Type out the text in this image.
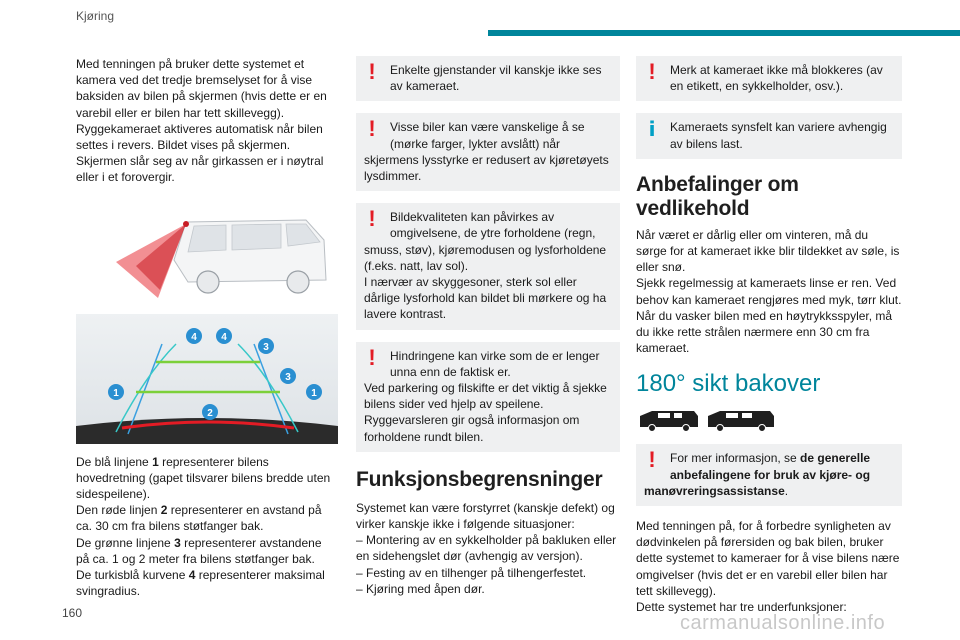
Kjøring

Med tenningen på bruker dette systemet et kamera ved det tredje bremselyset for å vise baksiden av bilen på skjermen (hvis dette er en varebil eller er bilen har tett skillevegg).
Ryggekameraet aktiveres automatisk når bilen settes i revers. Bildet vises på skjermen.
Skjermen slår seg av når girkassen er i nøytral eller i et forovergir.

4 4
3
3
1	1
2

De blå linjene 1 representerer bilens hovedretning (gapet tilsvarer bilens bredde uten sidespeilene).
Den røde linjen 2 representerer en avstand på ca. 30 cm fra bilens støtfanger bak.
De grønne linjene 3 representerer avstandene på ca. 1 og 2 meter fra bilens støtfanger bak.
De turkisblå kurvene 4 representerer maksimal svingradius.

!	Enkelte gjenstander vil kanskje ikke ses av kameraet.
!	Visse biler kan være vanskelige å se (mørke farger, lykter avslått) når
skjermens lysstyrke er redusert av kjøretøyets lysdimmer.
!	Bildekvaliteten kan påvirkes av omgivelsene, de ytre forholdene (regn,
smuss, støv), kjøremodusen og lysforholdene (f.eks. natt, lav sol).
I nærvær av skyggesoner, sterk sol eller dårlige lysforhold kan bildet bli mørkere og ha lavere kontrast.
!	Hindringene kan virke som de er lenger unna enn de faktisk er.
Ved parkering og filskifte er det viktig å sjekke bilens sider ved hjelp av speilene.
Ryggevarsleren gir også informasjon om forholdene rundt bilen.
Funksjonsbegrensninger

Systemet kan være forstyrret (kanskje defekt) og virker kanskje ikke i følgende situasjoner:
– Montering av en sykkelholder på bakluken eller en sidehengslet dør (avhengig av versjon).
– Festing av en tilhenger på tilhengerfestet.
– Kjøring med åpen dør.

!	Merk at kameraet ikke må blokkeres (av en etikett, en sykkelholder, osv.).
i	Kameraets synsfelt kan variere avhengig av bilens last.
Anbefalinger om vedlikehold

Når været er dårlig eller om vinteren, må du sørge for at kameraet ikke blir tildekket av søle, is eller snø.
Sjekk regelmessig at kameraets linse er ren. Ved behov kan kameraet rengjøres med myk, tørr klut.
Når du vasker bilen med en høytrykksspyler, må du ikke rette strålen nærmere enn 30 cm fra kameraet.

180° sikt bakover
!	For mer informasjon, se de generelle anbefalingene for bruk av kjøre- og
manøvreringsassistanse.

Med tenningen på, for å forbedre synligheten av dødvinkelen på førersiden og bak bilen, bruker dette systemet to kameraer for å vise bilens nære omgivelser (hvis det er en varebil eller bilen har tett skillevegg).
Dette systemet har tre underfunksjoner:

160	carmanualsonline.info
